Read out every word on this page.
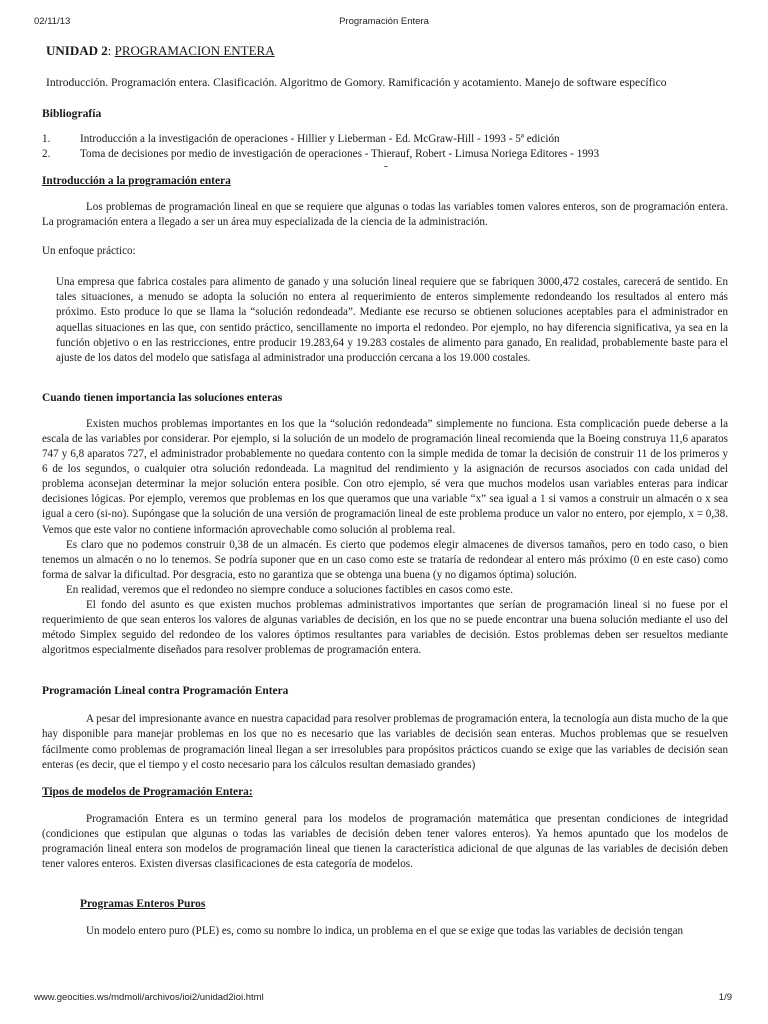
02/11/13	Programación Entera
UNIDAD 2: PROGRAMACION ENTERA
Introducción. Programación entera. Clasificación. Algoritmo de Gomory. Ramificación y acotamiento. Manejo de software específico
Bibliografía
1.	Introducción a la investigación de operaciones - Hillier y Lieberman - Ed. McGraw-Hill - 1993 - 5ª edición
2.	Toma de decisiones por medio de investigación de operaciones - Thierauf, Robert - Limusa Noriega Editores - 1993
-
Introducción a la programación entera

Los problemas de programación lineal en que se requiere que algunas o todas las variables tomen valores enteros, son de programación entera. La programación entera a llegado a ser un área muy especializada de la ciencia de la administración.

Un enfoque práctico:

Una empresa que fabrica costales para alimento de ganado y una solución lineal requiere que se fabriquen 3000,472 costales, carecerá de sentido. En tales situaciones, a menudo se adopta la solución no entera al requerimiento de enteros simplemente redondeando los resultados al entero más próximo. Esto produce lo que se llama la “solución redondeada”. Mediante ese recurso se obtienen soluciones aceptables para el administrador en aquellas situaciones en las que, con sentido práctico, sencillamente no importa el redondeo. Por ejemplo, no hay diferencia significativa, ya sea en la función objetivo o en las restricciones, entre producir 19.283,64 y 19.283 costales de alimento para ganado, En realidad, probablemente baste para el ajuste de los datos del modelo que satisfaga al administrador una producción cercana a los 19.000 costales.

Cuando tienen importancia las soluciones enteras

Existen muchos problemas importantes en los que la “solución redondeada” simplemente no funciona. Esta complicación puede deberse a la escala de las variables por considerar. Por ejemplo, si la solución de un modelo de programación lineal recomienda que la Boeing construya 11,6 aparatos 747 y 6,8 aparatos 727, el administrador probablemente no quedara contento con la simple medida de tomar la decisión de construir 11 de los primeros y 6 de los segundos, o cualquier otra solución redondeada. La magnitud del rendimiento y la asignación de recursos asociados con cada unidad del problema aconsejan determinar la mejor solución entera posible. Con otro ejemplo, sé vera que muchos modelos usan variables enteras para indicar decisiones lógicas. Por ejemplo, veremos que problemas en los que queramos que una variable “x” sea igual a 1 si vamos a construir un almacén o x sea igual a cero (si-no). Supóngase que la solución de una versión de programación lineal de este problema produce un valor no entero, por ejemplo, x = 0,38. Vemos que este valor no contiene información aprovechable como solución al problema real.

Es claro que no podemos construir 0,38 de un almacén. Es cierto que podemos elegir almacenes de diversos tamaños, pero en todo caso, o bien tenemos un almacén o no lo tenemos. Se podría suponer que en un caso como este se trataría de redondear al entero más próximo (0 en este caso) como forma de salvar la dificultad. Por desgracia, esto no garantiza que se obtenga una buena (y no digamos óptima) solución.

En realidad, veremos que el redondeo no siempre conduce a soluciones factibles en casos como este.

El fondo del asunto es que existen muchos problemas administrativos importantes que serían de programación lineal si no fuese por el requerimiento de que sean enteros los valores de algunas variables de decisión, en los que no se puede encontrar una buena solución mediante el uso del método Simplex seguido del redondeo de los valores óptimos resultantes para variables de decisión. Estos problemas deben ser resueltos mediante algoritmos especialmente diseñados para resolver problemas de programación entera.

Programación Lineal contra Programación Entera

A pesar del impresionante avance en nuestra capacidad para resolver problemas de programación entera, la tecnología aun dista mucho de la que hay disponible para manejar problemas en los que no es necesario que las variables de decisión sean enteras. Muchos problemas que se resuelven fácilmente como problemas de programación lineal llegan a ser irresolubles para propósitos prácticos cuando se exige que las variables de decisión sean enteras (es decir, que el tiempo y el costo necesario para los cálculos resultan demasiado grandes)

Tipos de modelos de Programación Entera:

Programación Entera es un termino general para los modelos de programación matemática que presentan condiciones de integridad (condiciones que estipulan que algunas o todas las variables de decisión deben tener valores enteros). Ya hemos apuntado que los modelos de programación lineal entera son modelos de programación lineal que tienen la característica adicional de que algunas de las variables de decisión deben tener valores enteros. Existen diversas clasificaciones de esta categoría de modelos.

Programas Enteros Puros

Un modelo entero puro (PLE) es, como su nombre lo indica, un problema en el que se exige que todas las variables de decisión tengan

www.geocities.ws/mdmoli/archivos/ioi2/unidad2ioi.html	1/9
